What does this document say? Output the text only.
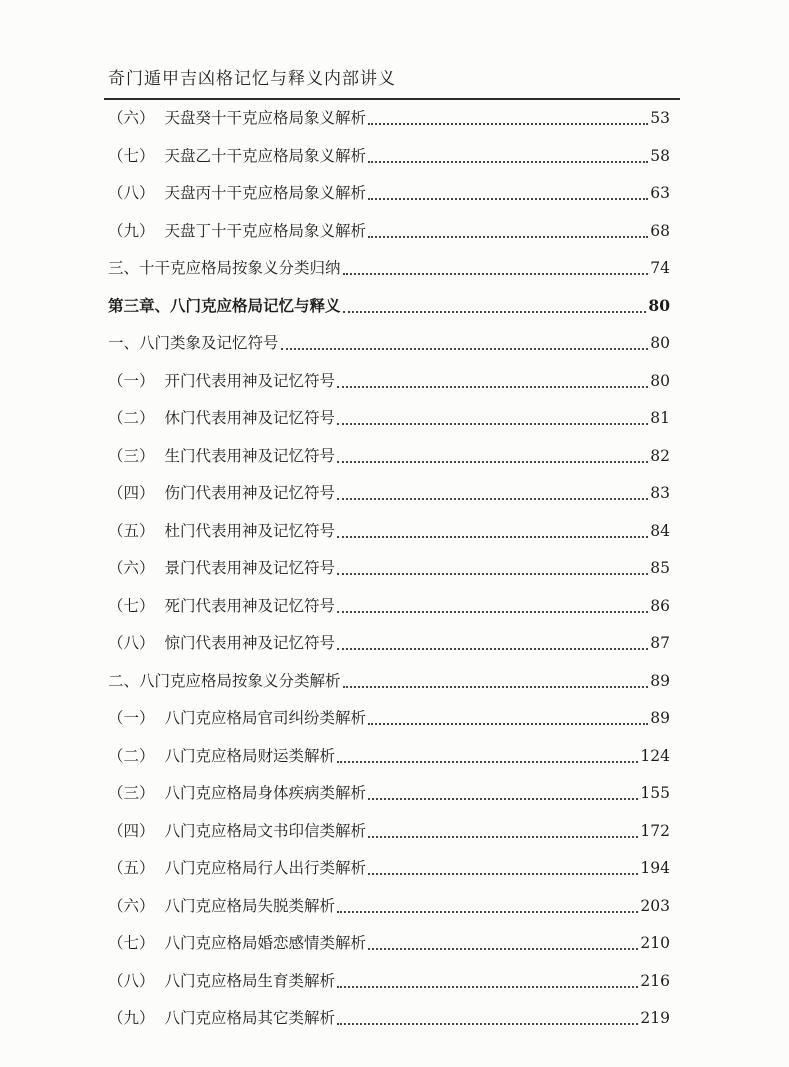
奇门遁甲吉凶格记忆与释义内部讲义
（六） 天盘癸十干克应格局象义解析	53
（七） 天盘乙十干克应格局象义解析	58
（八） 天盘丙十干克应格局象义解析	63
（九） 天盘丁十干克应格局象义解析	68
三、十干克应格局按象义分类归纳	74
第三章、八门克应格局记忆与释义	80
一、八门类象及记忆符号	80
（一） 开门代表用神及记忆符号	80
（二） 休门代表用神及记忆符号	81
（三） 生门代表用神及记忆符号	82
（四） 伤门代表用神及记忆符号	83
（五） 杜门代表用神及记忆符号	84
（六） 景门代表用神及记忆符号	85
（七） 死门代表用神及记忆符号	86
（八） 惊门代表用神及记忆符号	87
二、八门克应格局按象义分类解析	89
（一） 八门克应格局官司纠纷类解析	89
（二） 八门克应格局财运类解析	124
（三） 八门克应格局身体疾病类解析	155
（四） 八门克应格局文书印信类解析	172
（五） 八门克应格局行人出行类解析	194
（六） 八门克应格局失脱类解析	203
（七） 八门克应格局婚恋感情类解析	210
（八） 八门克应格局生育类解析	216
（九） 八门克应格局其它类解析	219
